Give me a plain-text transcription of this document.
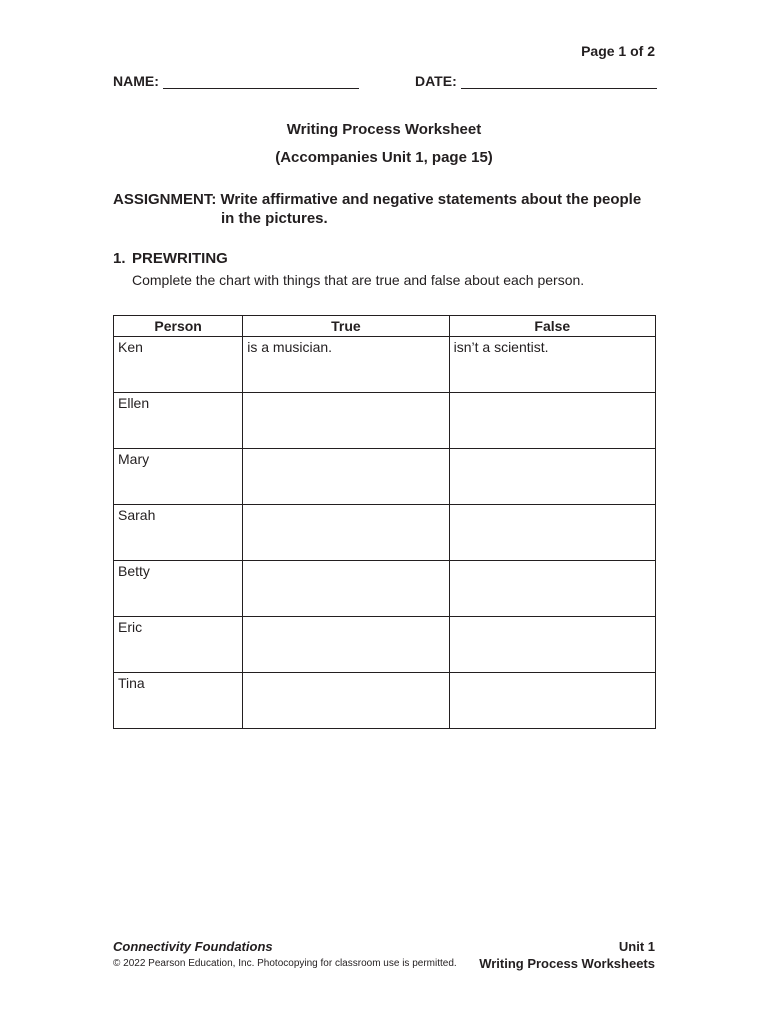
Page 1 of 2
NAME:	DATE:
Writing Process Worksheet
(Accompanies Unit 1, page 15)
ASSIGNMENT: Write affirmative and negative statements about the people
in the pictures.
1. PREWRITING
Complete the chart with things that are true and false about each person.
Person	True	False
Ken	is a musician.	isn’t a scientist.
Ellen		
Mary		
Sarah		
Betty		
Eric		
Tina		
Connectivity Foundations
© 2022 Pearson Education, Inc. Photocopying for classroom use is permitted.
Unit 1
Writing Process Worksheets
